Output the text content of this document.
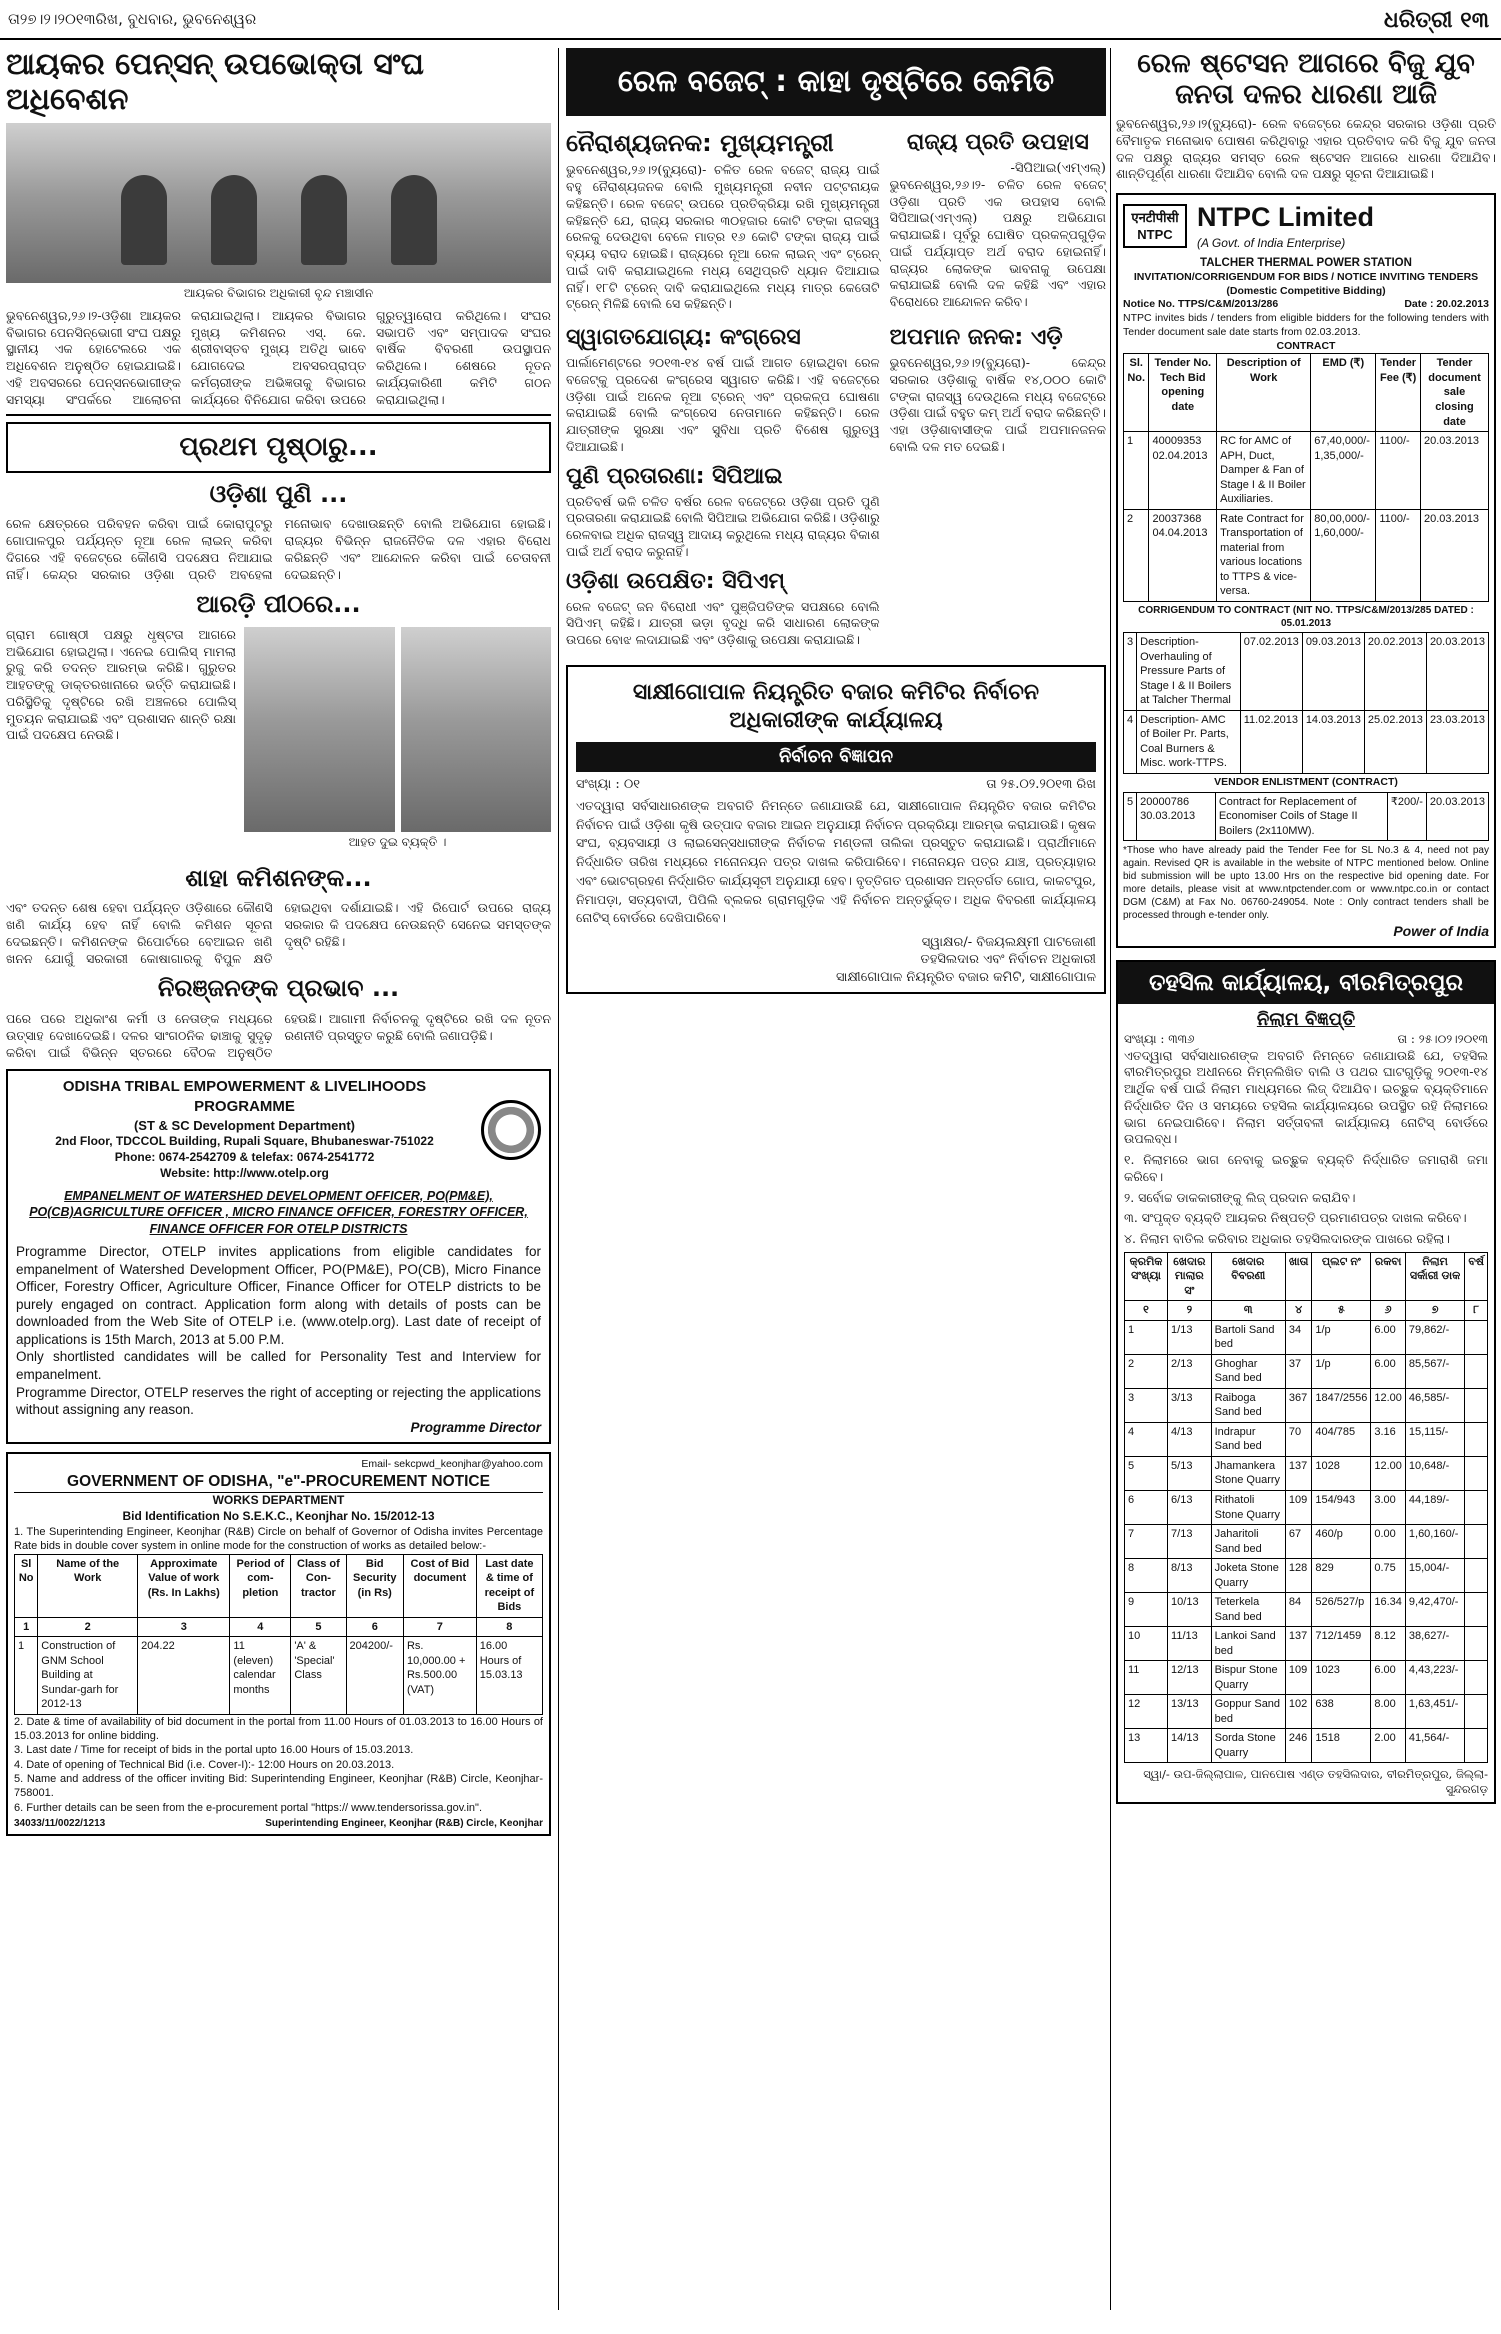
ତା୨୭।୨।୨୦୧୩ରିଖ, ବୁଧବାର, ଭୁବନେଶ୍ୱର	ଧରିତ୍ରୀ ୧୩
ଆୟକର ପେନ୍‌ସନ୍ ଉପଭୋକ୍ତା ସଂଘ ଅଧିବେଶନ
ଆୟକର ବିଭାଗର ଅଧିକାରୀ ବୃନ୍ଦ ମଞ୍ଚାସୀନ

ଭୁବନେଶ୍ୱର,୨୬।୨-ଓଡ଼ିଶା ଆୟକର ବିଭାଗର ପେନସିନ୍‌ଭୋଗୀ ସଂଘ ପକ୍ଷରୁ ସ୍ଥାନୀୟ ଏକ ହୋଟେଲରେ ଏକ ଅଧିବେଶନ ଅନୁଷ୍ଠିତ ହୋଇଯାଇଛି। ଏହି ଅବସରରେ ପେନ୍‌ସନଭୋଗୀଙ୍କ ସମସ୍ୟା ସଂପର୍କରେ ଆଲୋଚନା କରାଯାଇଥିଲା। ଆୟକର ବିଭାଗର ମୁଖ୍ୟ କମିଶନର ଏସ୍. କେ. ଶ୍ରୀବାସ୍ତବ ମୁଖ୍ୟ ଅତିଥି ଭାବେ ଯୋଗଦେଇ ଅବସରପ୍ରାପ୍ତ କର୍ମଚାରୀଙ୍କ ଅଭିଜ୍ଞତାକୁ ବିଭାଗର କାର୍ଯ୍ୟରେ ବିନିଯୋଗ କରିବା ଉପରେ ଗୁରୁତ୍ୱାରୋପ କରିଥିଲେ। ସଂଘର ସଭାପତି ଏବଂ ସମ୍ପାଦକ ସଂଘର ବାର୍ଷିକ ବିବରଣୀ ଉପସ୍ଥାପନ କରିଥିଲେ। ଶେଷରେ ନୂତନ କାର୍ଯ୍ୟକାରିଣୀ କମିଟି ଗଠନ କରାଯାଇଥିଲା।

ପ୍ରଥମ ପୃଷ୍ଠାରୁ...
ଓଡ଼ିଶା ପୁଣି ...

ରେଳ କ୍ଷେତ୍ରରେ ପରିବହନ କରିବା ପାଇଁ କୋରାପୁଟରୁ ଗୋପାଳପୁର ପର୍ଯ୍ୟନ୍ତ ନୂଆ ରେଳ ଲାଇନ୍ କରିବା ଦିଗରେ ଏହି ବଜେଟ୍‌ରେ କୌଣସି ପଦକ୍ଷେପ ନିଆଯାଇ ନାହିଁ। କେନ୍ଦ୍ର ସରକାର ଓଡ଼ିଶା ପ୍ରତି ଅବହେଳା ମନୋଭାବ ଦେଖାଉଛନ୍ତି ବୋଲି ଅଭିଯୋଗ ହୋଇଛି। ରାଜ୍ୟର ବିଭିନ୍ନ ରାଜନୈତିକ ଦଳ ଏହାର ବିରୋଧ କରିଛନ୍ତି ଏବଂ ଆନ୍ଦୋଳନ କରିବା ପାଇଁ ଚେତାବନୀ ଦେଇଛନ୍ତି।

ଆରଡ଼ି ପୀଠରେ...

ଗ୍ରାମ ଗୋଷ୍ଠୀ ପକ୍ଷରୁ ଧୃଷ୍ଟତା ଆଗରେ ଅଭିଯୋଗ ହୋଇଥିଲା। ଏନେଇ ପୋଲିସ୍ ମାମଲା ରୁଜୁ କରି ତଦନ୍ତ ଆରମ୍ଭ କରିଛି। ଗୁରୁତର ଆହତଙ୍କୁ ଡାକ୍ତରଖାନାରେ ଭର୍ତ୍ତି କରାଯାଇଛି। ପରିସ୍ଥିତିକୁ ଦୃଷ୍ଟିରେ ରଖି ଅଞ୍ଚଳରେ ପୋଲିସ୍ ମୁତୟନ କରାଯାଇଛି ଏବଂ ପ୍ରଶାସନ ଶାନ୍ତି ରକ୍ଷା ପାଇଁ ପଦକ୍ଷେପ ନେଉଛି।

ଆହତ ଦୁଇ ବ୍ୟକ୍ତି ।
ଶାହା କମିଶନଙ୍କ...

ଏବଂ ତଦନ୍ତ ଶେଷ ହେବା ପର୍ଯ୍ୟନ୍ତ ଓଡ଼ିଶାରେ କୌଣସି ଖଣି କାର୍ଯ୍ୟ ହେବ ନାହିଁ ବୋଲି କମିଶନ ସୂଚନା ଦେଇଛନ୍ତି। କମିଶନଙ୍କ ରିପୋର୍ଟରେ ବେଆଇନ ଖଣି ଖନନ ଯୋଗୁଁ ସରକାରୀ କୋଷାଗାରକୁ ବିପୁଳ କ୍ଷତି ହୋଇଥିବା ଦର୍ଶାଯାଇଛି। ଏହି ରିପୋର୍ଟ ଉପରେ ରାଜ୍ୟ ସରକାର କି ପଦକ୍ଷେପ ନେଉଛନ୍ତି ସେନେଇ ସମସ୍ତଙ୍କ ଦୃଷ୍ଟି ରହିଛି।

ନିରଞ୍ଜନଙ୍କ ପ୍ରଭାବ ...

ପରେ ପରେ ଅଧିକାଂଶ କର୍ମୀ ଓ ନେତାଙ୍କ ମଧ୍ୟରେ ଉତ୍ସାହ ଦେଖାଦେଇଛି। ଦଳର ସାଂଗଠନିକ ଢାଞ୍ଚାକୁ ସୁଦୃଢ଼ କରିବା ପାଇଁ ବିଭିନ୍ନ ସ୍ତରରେ ବୈଠକ ଅନୁଷ୍ଠିତ ହେଉଛି। ଆଗାମୀ ନିର୍ବାଚନକୁ ଦୃଷ୍ଟିରେ ରଖି ଦଳ ନୂତନ ରଣନୀତି ପ୍ରସ୍ତୁତ କରୁଛି ବୋଲି ଜଣାପଡ଼ିଛି।

ODISHA TRIBAL EMPOWERMENT & LIVELIHOODS PROGRAMME
(ST & SC Development Department)
2nd Floor, TDCCOL Building, Rupali Square, Bhubaneswar-751022
Phone: 0674-2542709 & telefax: 0674-2541772
Website: http://www.otelp.org
EMPANELMENT OF WATERSHED DEVELOPMENT OFFICER, PO(PM&E), PO(CB)AGRICULTURE OFFICER , MICRO FINANCE OFFICER, FORESTRY OFFICER, FINANCE OFFICER FOR OTELP DISTRICTS

Programme Director, OTELP invites applications from eligible candidates for empanelment of Watershed Development Officer, PO(PM&E), PO(CB), Micro Finance Officer, Forestry Officer, Agriculture Officer, Finance Officer for OTELP districts to be purely engaged on contract. Application form along with details of posts can be downloaded from the Web Site of OTELP i.e. (www.otelp.org). Last date of receipt of applications is 15th March, 2013 at 5.00 P.M.

Only shortlisted candidates will be called for Personality Test and Interview for empanelment.

Programme Director, OTELP reserves the right of accepting or rejecting the applications without assigning any reason.

Programme Director
Email- sekcpwd_keonjhar@yahoo.com
GOVERNMENT OF ODISHA, "e"-PROCUREMENT NOTICE
WORKS DEPARTMENT
Bid Identification No S.E.K.C., Keonjhar No. 15/2012-13

1. The Superintending Engineer, Keonjhar (R&B) Circle on behalf of Governor of Odisha invites Percentage Rate bids in double cover system in online mode for the construction of works as detailed below:-

Sl No	Name of the Work	Approximate Value of work (Rs. In Lakhs)	Period of com-pletion	Class of Con-tractor	Bid Security (in Rs)	Cost of Bid document	Last date & time of receipt of Bids
1	2	3	4	5	6	7	8
1	Construction of GNM School Building at Sundar-garh for 2012-13	204.22	11 (eleven) calendar months	'A' & 'Special' Class	204200/-	Rs. 10,000.00 + Rs.500.00 (VAT)	16.00 Hours of 15.03.13
2. Date & time of availability of bid document in the portal from 11.00 Hours of 01.03.2013 to 16.00 Hours of 15.03.2013 for online bidding.
3. Last date / Time for receipt of bids in the portal upto 16.00 Hours of 15.03.2013.
4. Date of opening of Technical Bid (i.e. Cover-I):- 12:00 Hours on 20.03.2013.
5. Name and address of the officer inviting Bid: Superintending Engineer, Keonjhar (R&B) Circle, Keonjhar-758001.
6. Further details can be seen from the e-procurement portal "https:// www.tendersorissa.gov.in".
34033/11/0022/1213	Superintending Engineer, Keonjhar (R&B) Circle, Keonjhar
ରେଳ ବଜେଟ୍ : କାହା ଦୃଷ୍ଟିରେ କେମିତି
ନୈରାଶ୍ୟଜନକ: ମୁଖ୍ୟମନ୍ତ୍ରୀ

ଭୁବନେଶ୍ୱର,୨୬।୨(ବ୍ୟୁରୋ)- ଚଳିତ ରେଳ ବଜେଟ୍ ରାଜ୍ୟ ପାଇଁ ବହୁ ନୈରାଶ୍ୟଜନକ ବୋଲି ମୁଖ୍ୟମନ୍ତ୍ରୀ ନବୀନ ପଟ୍ଟନାୟକ କହିଛନ୍ତି। ରେଳ ବଜେଟ୍ ଉପରେ ପ୍ରତିକ୍ରିୟା ରଖି ମୁଖ୍ୟମନ୍ତ୍ରୀ କହିଛନ୍ତି ଯେ, ରାଜ୍ୟ ସରକାର ୩୦ହଜାର କୋଟି ଟଙ୍କା ରାଜସ୍ୱ ରେଳକୁ ଦେଉଥିବା ବେଳେ ମାତ୍ର ୧୬ କୋଟି ଟଙ୍କା ରାଜ୍ୟ ପାଇଁ ବ୍ୟୟ ବରାଦ ହୋଇଛି। ରାଜ୍ୟରେ ନୂଆ ରେଳ ଲାଇନ୍ ଏବଂ ଟ୍ରେନ୍ ପାଇଁ ଦାବି କରାଯାଇଥିଲେ ମଧ୍ୟ ସେଥିପ୍ରତି ଧ୍ୟାନ ଦିଆଯାଇ ନାହିଁ। ୧୮ଟି ଟ୍ରେନ୍ ଦାବି କରାଯାଇଥିଲେ ମଧ୍ୟ ମାତ୍ର କେତୋଟି ଟ୍ରେନ୍ ମିଳିଛି ବୋଲି ସେ କହିଛନ୍ତି।

ରାଜ୍ୟ ପ୍ରତି ଉପହାସ
-ସିପିଆଇ(ଏମ୍ଏଲ୍)

ଭୁବନେଶ୍ୱର,୨୬।୨- ଚଳିତ ରେଳ ବଜେଟ୍ ଓଡ଼ିଶା ପ୍ରତି ଏକ ଉପହାସ ବୋଲି ସିପିଆଇ(ଏମ୍ଏଲ୍) ପକ୍ଷରୁ ଅଭିଯୋଗ କରାଯାଇଛି। ପୂର୍ବରୁ ଘୋଷିତ ପ୍ରକଳ୍ପଗୁଡ଼ିକ ପାଇଁ ପର୍ଯ୍ୟାପ୍ତ ଅର୍ଥ ବରାଦ ହୋଇନାହିଁ। ରାଜ୍ୟର ଲୋକଙ୍କ ଭାବନାକୁ ଉପେକ୍ଷା କରାଯାଇଛି ବୋଲି ଦଳ କହିଛି ଏବଂ ଏହାର ବିରୋଧରେ ଆନ୍ଦୋଳନ କରିବ।

ସ୍ୱାଗତଯୋଗ୍ୟ: କଂଗ୍ରେସ

ପାର୍ଲାମେଣ୍ଟରେ ୨୦୧୩-୧୪ ବର୍ଷ ପାଇଁ ଆଗତ ହୋଇଥିବା ରେଳ ବଜେଟ୍‌କୁ ପ୍ରଦେଶ କଂଗ୍ରେସ ସ୍ୱାଗତ କରିଛି। ଏହି ବଜେଟ୍‌ରେ ଓଡ଼ିଶା ପାଇଁ ଅନେକ ନୂଆ ଟ୍ରେନ୍ ଏବଂ ପ୍ରକଳ୍ପ ଘୋଷଣା କରାଯାଇଛି ବୋଲି କଂଗ୍ରେସ ନେତାମାନେ କହିଛନ୍ତି। ରେଳ ଯାତ୍ରୀଙ୍କ ସୁରକ୍ଷା ଏବଂ ସୁବିଧା ପ୍ରତି ବିଶେଷ ଗୁରୁତ୍ୱ ଦିଆଯାଇଛି।

ପୁଣି ପ୍ରତାରଣା: ସିପିଆଇ

ପ୍ରତିବର୍ଷ ଭଳି ଚଳିତ ବର୍ଷର ରେଳ ବଜେଟ୍‌ରେ ଓଡ଼ିଶା ପ୍ରତି ପୁଣି ପ୍ରତାରଣା କରାଯାଇଛି ବୋଲି ସିପିଆଇ ଅଭିଯୋଗ କରିଛି। ଓଡ଼ିଶାରୁ ରେଳବାଇ ଅଧିକ ରାଜସ୍ୱ ଆଦାୟ କରୁଥିଲେ ମଧ୍ୟ ରାଜ୍ୟର ବିକାଶ ପାଇଁ ଅର୍ଥ ବରାଦ କରୁନାହିଁ।

ଓଡ଼ିଶା ଉପେକ୍ଷିତ: ସିପିଏମ୍

ରେଳ ବଜେଟ୍ ଜନ ବିରୋଧୀ ଏବଂ ପୁଞ୍ଜିପତିଙ୍କ ସପକ୍ଷରେ ବୋଲି ସିପିଏମ୍ କହିଛି। ଯାତ୍ରୀ ଭଡ଼ା ବୃଦ୍ଧି କରି ସାଧାରଣ ଲୋକଙ୍କ ଉପରେ ବୋଝ ଲଦାଯାଇଛି ଏବଂ ଓଡ଼ିଶାକୁ ଉପେକ୍ଷା କରାଯାଇଛି।

ଅପମାନ ଜନକ: ଏଡ଼ି

ଭୁବନେଶ୍ୱର,୨୬।୨(ବ୍ୟୁରୋ)- କେନ୍ଦ୍ର ସରକାର ଓଡ଼ିଶାକୁ ବାର୍ଷିକ ୧୪,୦୦୦ କୋଟି ଟଙ୍କା ରାଜସ୍ୱ ଦେଉଥିଲେ ମଧ୍ୟ ବଜେଟ୍‌ରେ ଓଡ଼ିଶା ପାଇଁ ବହୁତ କମ୍ ଅର୍ଥ ବରାଦ କରିଛନ୍ତି। ଏହା ଓଡ଼ିଶାବାସୀଙ୍କ ପାଇଁ ଅପମାନଜନକ ବୋଲି ଦଳ ମତ ଦେଇଛି।

ସାକ୍ଷୀଗୋପାଳ ନିୟନ୍ତ୍ରିତ ବଜାର କମିଟିର ନିର୍ବାଚନ ଅଧିକାରୀଙ୍କ କାର୍ଯ୍ୟାଳୟ
ନିର୍ବାଚନ ବିଜ୍ଞାପନ
ସଂଖ୍ୟା : ୦୧	ତା ୨୫.୦୨.୨୦୧୩ ରିଖ

ଏତଦ୍ୱାରା ସର୍ବସାଧାରଣଙ୍କ ଅବଗତି ନିମନ୍ତେ ଜଣାଯାଉଛି ଯେ, ସାକ୍ଷୀଗୋପାଳ ନିୟନ୍ତ୍ରିତ ବଜାର କମିଟିର ନିର୍ବାଚନ ପାଇଁ ଓଡ଼ିଶା କୃଷି ଉତ୍ପାଦ ବଜାର ଆଇନ ଅନୁଯାୟୀ ନିର୍ବାଚନ ପ୍ରକ୍ରିୟା ଆରମ୍ଭ କରାଯାଉଛି। କୃଷକ ସଂଘ, ବ୍ୟବସାୟୀ ଓ ଲାଇସେନ୍ସଧାରୀଙ୍କ ନିର୍ବାଚକ ମଣ୍ଡଳୀ ତାଲିକା ପ୍ରସ୍ତୁତ କରାଯାଇଛି। ପ୍ରାର୍ଥୀମାନେ ନିର୍ଦ୍ଧାରିତ ତାରିଖ ମଧ୍ୟରେ ମନୋନୟନ ପତ୍ର ଦାଖଲ କରିପାରିବେ। ମନୋନୟନ ପତ୍ର ଯାଞ୍ଚ, ପ୍ରତ୍ୟାହାର ଏବଂ ଭୋଟଗ୍ରହଣ ନିର୍ଦ୍ଧାରିତ କାର୍ଯ୍ୟସୂଚୀ ଅନୁଯାୟୀ ହେବ। ବୃତ୍ତିଗତ ପ୍ରଶାସନ ଅନ୍ତର୍ଗତ ଗୋପ, କାକଟପୁର, ନିମାପଡ଼ା, ସତ୍ୟବାଦୀ, ପିପିଲି ବ୍ଲକର ଗ୍ରାମଗୁଡ଼ିକ ଏହି ନିର୍ବାଚନ ଅନ୍ତର୍ଭୁକ୍ତ। ଅଧିକ ବିବରଣୀ କାର୍ଯ୍ୟାଳୟ ନୋଟିସ୍ ବୋର୍ଡରେ ଦେଖିପାରିବେ।

ସ୍ୱାକ୍ଷର/- ବିଜୟଲକ୍ଷ୍ମୀ ପାଟଜୋଶୀ
ତହସିଲଦାର ଏବଂ ନିର୍ବାଚନ ଅଧିକାରୀ
ସାକ୍ଷୀଗୋପାଳ ନିୟନ୍ତ୍ରିତ ବଜାର କମିଟି, ସାକ୍ଷୀଗୋପାଳ
ରେଳ ଷ୍ଟେସନ ଆଗରେ ବିଜୁ ଯୁବ ଜନତା ଦଳର ଧାରଣା ଆଜି

ଭୁବନେଶ୍ୱର,୨୬।୨(ବ୍ୟୁରୋ)- ରେଳ ବଜେଟ୍‌ରେ କେନ୍ଦ୍ର ସରକାର ଓଡ଼ିଶା ପ୍ରତି ବୈମାତୃକ ମନୋଭାବ ପୋଷଣ କରିଥିବାରୁ ଏହାର ପ୍ରତିବାଦ କରି ବିଜୁ ଯୁବ ଜନତା ଦଳ ପକ୍ଷରୁ ରାଜ୍ୟର ସମସ୍ତ ରେଳ ଷ୍ଟେସନ ଆଗରେ ଧାରଣା ଦିଆଯିବ। ଶାନ୍ତିପୂର୍ଣ୍ଣ ଧାରଣା ଦିଆଯିବ ବୋଲି ଦଳ ପକ୍ଷରୁ ସୂଚନା ଦିଆଯାଇଛି।

एनटीपीसी NTPC
NTPC Limited
(A Govt. of India Enterprise)
TALCHER THERMAL POWER STATION
INVITATION/CORRIGENDUM FOR BIDS / NOTICE INVITING TENDERS (Domestic Competitive Bidding)
Notice No. TTPS/C&M/2013/286	Date : 20.02.2013

NTPC invites bids / tenders from eligible bidders for the following tenders with Tender document sale date starts from 02.03.2013.

CONTRACT
Sl. No.	Tender No. Tech Bid opening date	Description of Work	EMD (₹)	Tender Fee (₹)	Tender document sale closing date
1	40009353 02.04.2013	RC for AMC of APH, Duct, Damper & Fan of Stage I & II Boiler Auxiliaries.	67,40,000/- 1,35,000/-	1100/-	20.03.2013
2	20037368 04.04.2013	Rate Contract for Transportation of material from various locations to TTPS & vice-versa.	80,00,000/- 1,60,000/-	1100/-	20.03.2013
CORRIGENDUM TO CONTRACT (NIT NO. TTPS/C&M/2013/285 DATED : 05.01.2013
3	Description- Overhauling of Pressure Parts of Stage I & II Boilers at Talcher Thermal	07.02.2013	09.03.2013	20.02.2013	20.03.2013
4	Description- AMC of Boiler Pr. Parts, Coal Burners & Misc. work-TTPS.	11.02.2013	14.03.2013	25.02.2013	23.03.2013
VENDOR ENLISTMENT (CONTRACT)
5	20000786 30.03.2013	Contract for Replacement of Economiser Coils of Stage II Boilers (2x110MW).	₹200/-	20.03.2013

*Those who have already paid the Tender Fee for SL No.3 & 4, need not pay again. Revised QR is available in the website of NTPC mentioned below. Online bid submission will be upto 13.00 Hrs on the respective bid opening date. For more details, please visit at www.ntpctender.com or www.ntpc.co.in or contact DGM (C&M) at Fax No. 06760-249054. Note : Only contract tenders shall be processed through e-tender only.

Power of India
ତହସିଲ କାର୍ଯ୍ୟାଳୟ, ବୀରମିତ୍ରପୁର
ନିଲାମ ବିଜ୍ଞପ୍ତି
ସଂଖ୍ୟା : ୩୩୬	ତା : ୨୫।୦୨।୨୦୧୩

ଏତଦ୍ୱାରା ସର୍ବସାଧାରଣଙ୍କ ଅବଗତି ନିମନ୍ତେ ଜଣାଯାଉଛି ଯେ, ତହସିଲ ବୀରମିତ୍ରପୁର ଅଧୀନରେ ନିମ୍ନଲିଖିତ ବାଲି ଓ ପଥର ଘାଟଗୁଡ଼ିକୁ ୨୦୧୩-୧୪ ଆର୍ଥିକ ବର୍ଷ ପାଇଁ ନିଲାମ ମାଧ୍ୟମରେ ଲିଜ୍ ଦିଆଯିବ। ଇଚ୍ଛୁକ ବ୍ୟକ୍ତିମାନେ ନିର୍ଦ୍ଧାରିତ ଦିନ ଓ ସମୟରେ ତହସିଲ କାର୍ଯ୍ୟାଳୟରେ ଉପସ୍ଥିତ ରହି ନିଲାମରେ ଭାଗ ନେଇପାରିବେ। ନିଲାମ ସର୍ତ୍ତାବଳୀ କାର୍ଯ୍ୟାଳୟ ନୋଟିସ୍ ବୋର୍ଡରେ ଉପଲବ୍ଧ।

୧. ନିଲାମରେ ଭାଗ ନେବାକୁ ଇଚ୍ଛୁକ ବ୍ୟକ୍ତି ନିର୍ଦ୍ଧାରିତ ଜମାରାଶି ଜମା କରିବେ।

୨. ସର୍ବୋଚ୍ଚ ଡାକକାରୀଙ୍କୁ ଲିଜ୍ ପ୍ରଦାନ କରାଯିବ।

୩. ସଂପୃକ୍ତ ବ୍ୟକ୍ତି ଆୟକର ନିଷ୍ପତ୍ତି ପ୍ରମାଣପତ୍ର ଦାଖଲ କରିବେ।

୪. ନିଲାମ ବାତିଲ କରିବାର ଅଧିକାର ତହସିଲଦାରଙ୍କ ପାଖରେ ରହିଲା।

କ୍ରମିକ ସଂଖ୍ୟା	ଖେଦାର ମାଲାର ସଂ	ଖେଦାର ବିବରଣୀ	ଖାତା	ପ୍ଲଟ ନଂ	ରକବା	ନିଲାମ ସର୍କାରୀ ଡାକ	ବର୍ଷ
୧	୨	୩	୪	୫	୬	୭	୮
1	1/13	Bartoli Sand bed	34	1/p	6.00	79,862/-	
2	2/13	Ghoghar Sand bed	37	1/p	6.00	85,567/-	
3	3/13	Raiboga Sand bed	367	1847/2556	12.00	46,585/-	
4	4/13	Indrapur Sand bed	70	404/785	3.16	15,115/-	
5	5/13	Jhamankera Stone Quarry	137	1028	12.00	10,648/-	
6	6/13	Rithatoli Stone Quarry	109	154/943	3.00	44,189/-	
7	7/13	Jaharitoli Sand bed	67	460/p	0.00	1,60,160/-	
8	8/13	Joketa Stone Quarry	128	829	0.75	15,004/-	
9	10/13	Teterkela Sand bed	84	526/527/p	16.34	9,42,470/-	
10	11/13	Lankoi Sand bed	137	712/1459	8.12	38,627/-	
11	12/13	Bispur Stone Quarry	109	1023	6.00	4,43,223/-	
12	13/13	Goppur Sand bed	102	638	8.00	1,63,451/-	
13	14/13	Sorda Stone Quarry	246	1518	2.00	41,564/-	
ସ୍ୱା/- ଉପ-ଜିଲ୍ଲାପାଳ, ପାନପୋଷ ଏଣ୍ଡ ତହସିଲଦାର, ବୀରମିତ୍ରପୁର, ଜିଲ୍ଲା-ସୁନ୍ଦରଗଡ଼
